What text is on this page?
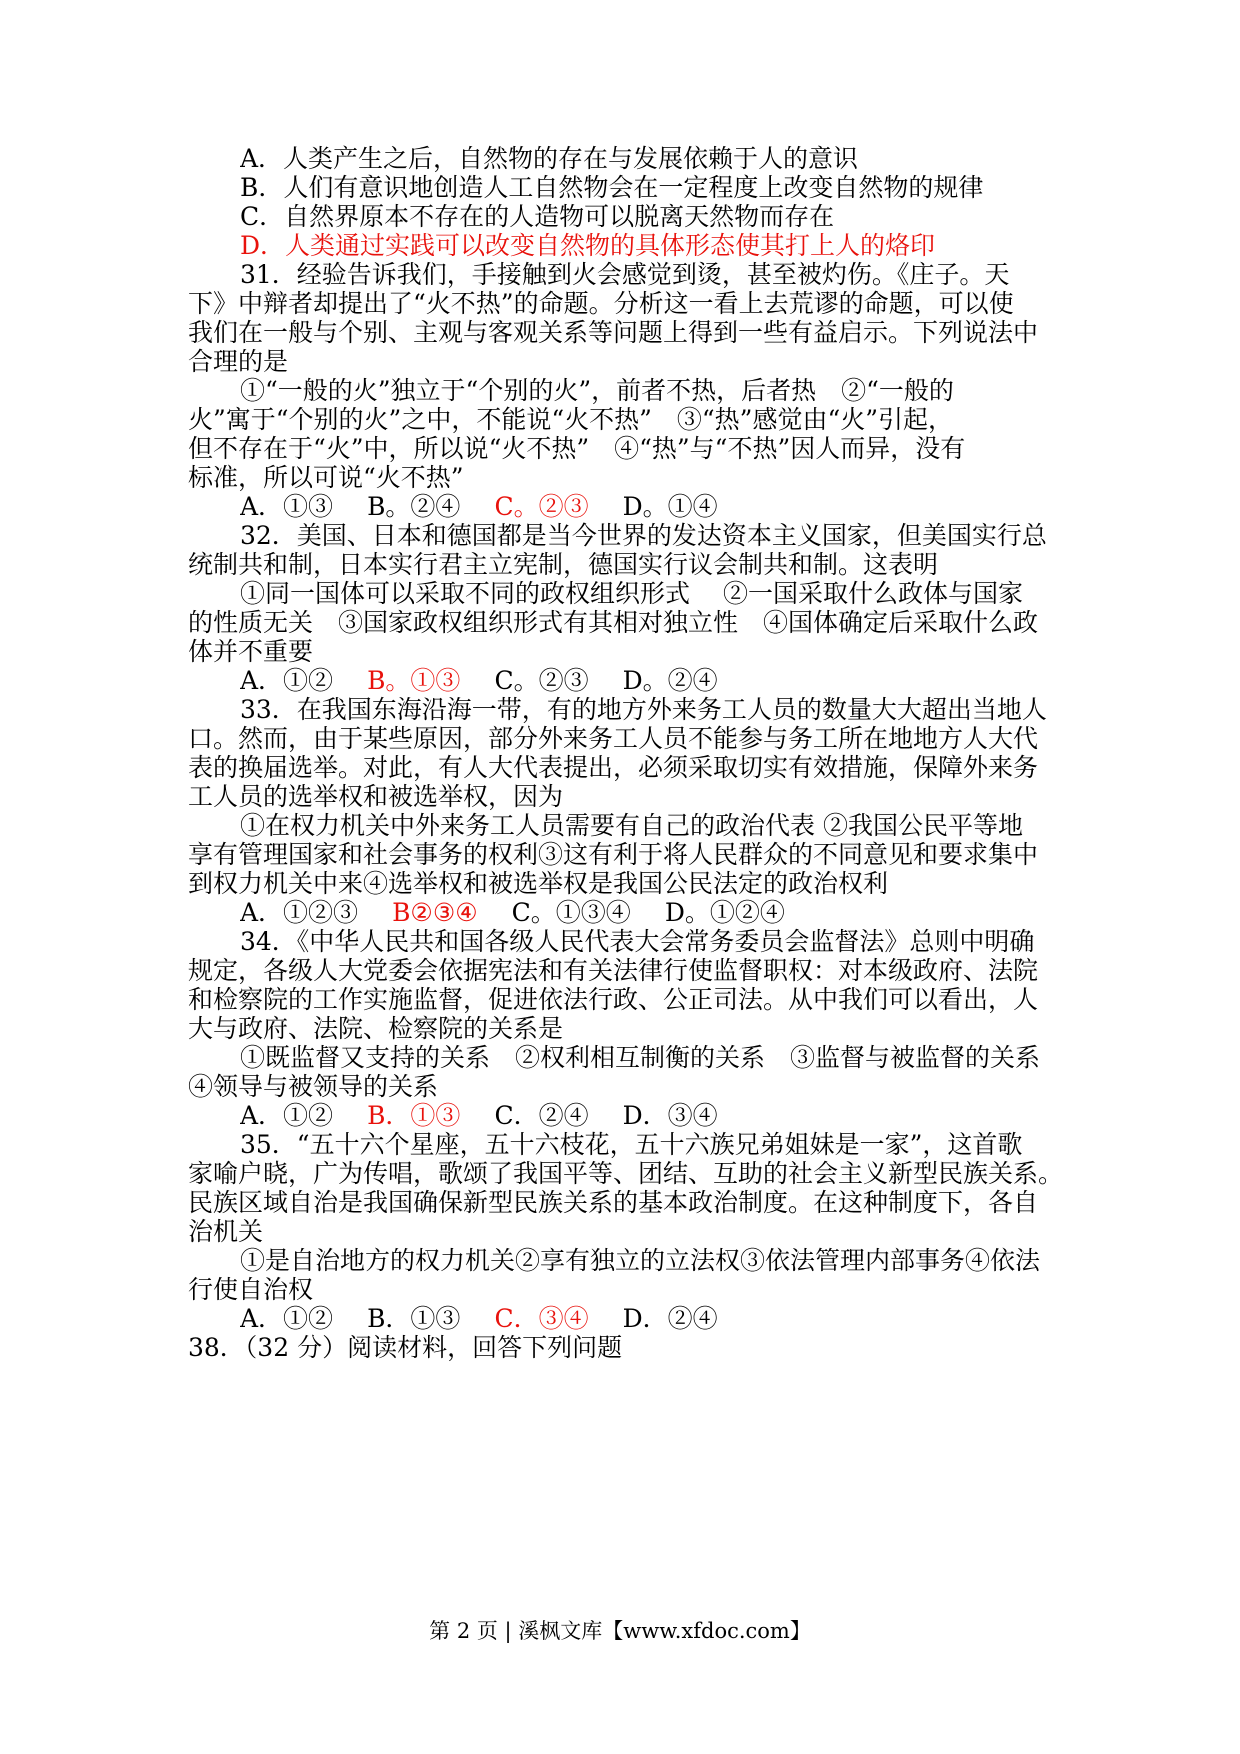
A．人类产生之后，自然物的存在与发展依赖于人的意识
B．人们有意识地创造人工自然物会在一定程度上改变自然物的规律
C．自然界原本不存在的人造物可以脱离天然物而存在
D．人类通过实践可以改变自然物的具体形态使其打上人的烙印
31．经验告诉我们，手接触到火会感觉到烫，甚至被灼伤。《庄子。天
下》中辩者却提出了“火不热”的命题。分析这一看上去荒谬的命题，可以使
我们在一般与个别、主观与客观关系等问题上得到一些有益启示。下列说法中
合理的是
①“一般的火”独立于“个别的火”，前者不热，后者热　②“一般的
火”寓于“个别的火”之中，不能说“火不热”　③“热”感觉由“火”引起，
但不存在于“火”中，所以说“火不热”　④“热”与“不热”因人而异，没有
标准，所以可说“火不热”
A．①③ B。②④ C。②③ D。①④
32．美国、日本和德国都是当今世界的发达资本主义国家，但美国实行总
统制共和制，日本实行君主立宪制，德国实行议会制共和制。这表明
①同一国体可以采取不同的政权组织形式　 ②一国采取什么政体与国家
的性质无关　③国家政权组织形式有其相对独立性　④国体确定后采取什么政
体并不重要
A．①② B。①③ C。②③ D。②④
33．在我国东海沿海一带，有的地方外来务工人员的数量大大超出当地人
口。然而，由于某些原因，部分外来务工人员不能参与务工所在地地方人大代
表的换届选举。对此，有人大代表提出，必须采取切实有效措施，保障外来务
工人员的选举权和被选举权，因为
①在权力机关中外来务工人员需要有自己的政治代表 ②我国公民平等地
享有管理国家和社会事务的权利③这有利于将人民群众的不同意见和要求集中
到权力机关中来④选举权和被选举权是我国公民法定的政治权利
A．①②③ B②③④ C。①③④ D。①②④
34．《中华人民共和国各级人民代表大会常务委员会监督法》总则中明确
规定，各级人大党委会依据宪法和有关法律行使监督职权：对本级政府、法院
和检察院的工作实施监督，促进依法行政、公正司法。从中我们可以看出，人
大与政府、法院、检察院的关系是
①既监督又支持的关系　②权利相互制衡的关系　③监督与被监督的关系
④领导与被领导的关系
A．①② B．①③ C．②④ D．③④
35．“五十六个星座，五十六枝花，五十六族兄弟姐妹是一家”，这首歌
家喻户晓，广为传唱，歌颂了我国平等、团结、互助的社会主义新型民族关系。
民族区域自治是我国确保新型民族关系的基本政治制度。在这种制度下，各自
治机关
①是自治地方的权力机关②享有独立的立法权③依法管理内部事务④依法
行使自治权
A．①② B．①③ C．③④ D．②④
38．（32 分）阅读材料，回答下列问题
第 2 页 | 溪枫文库【www.xfdoc.com】
